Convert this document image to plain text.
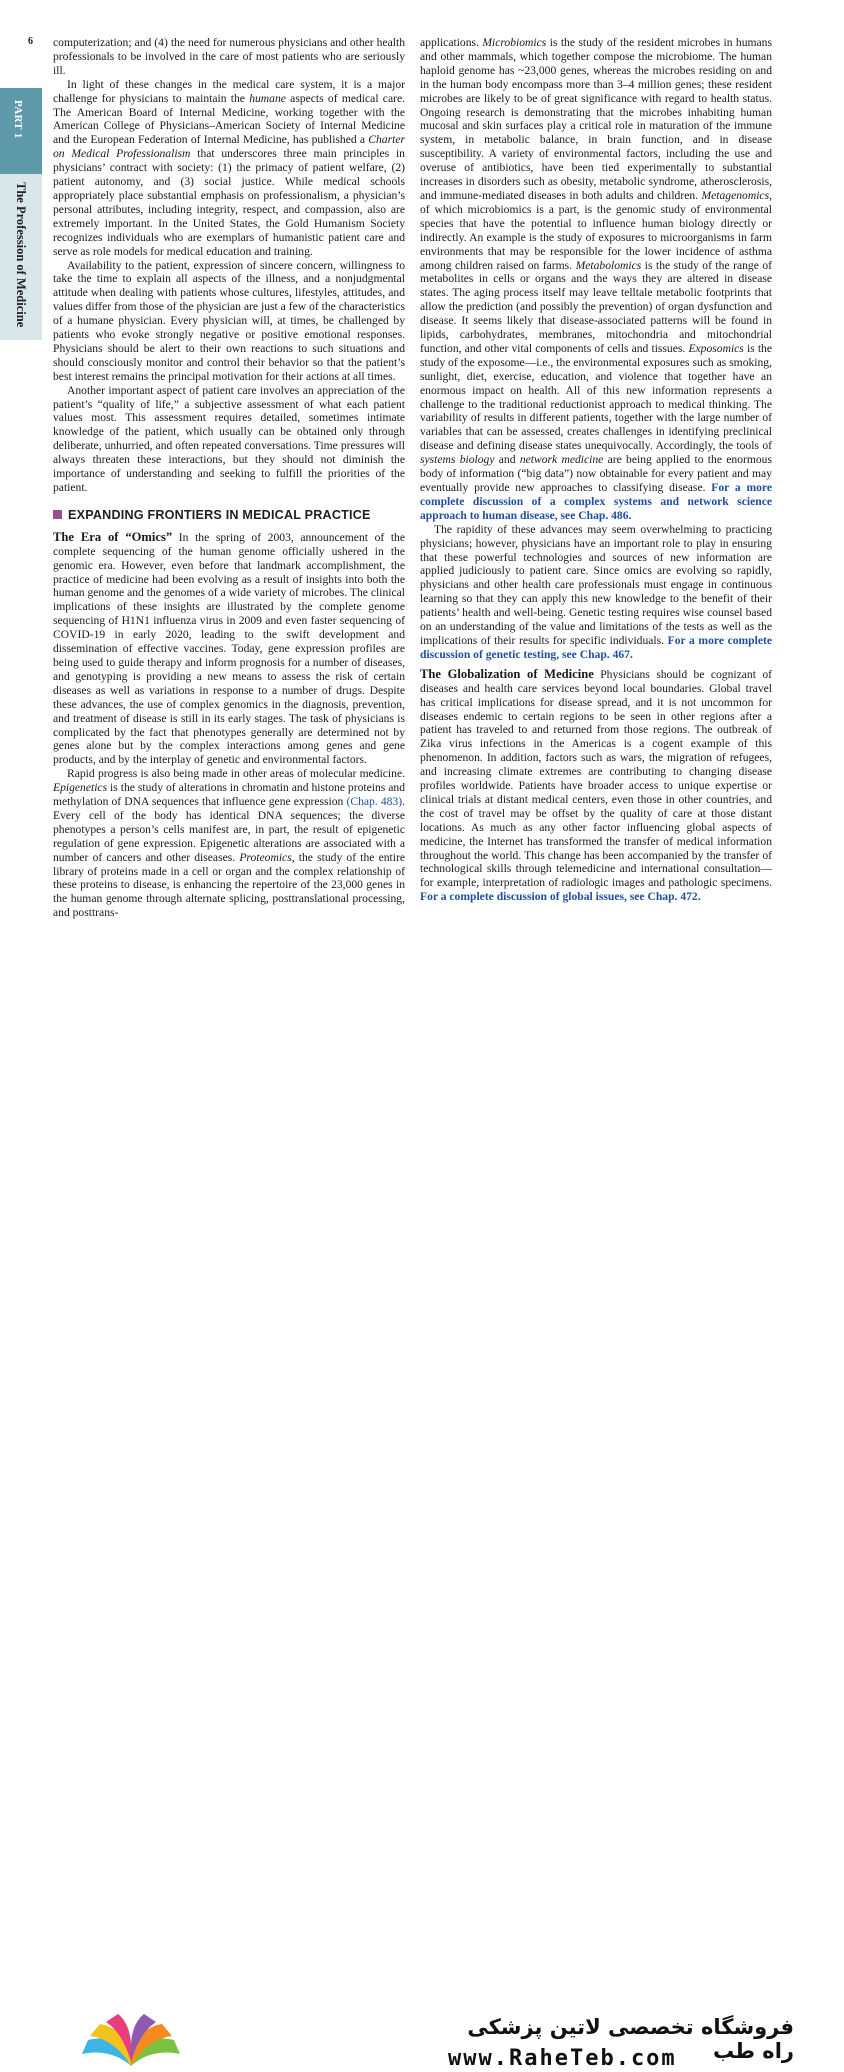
6
PART 1
The Profession of Medicine

computerization; and (4) the need for numerous physicians and other health professionals to be involved in the care of most patients who are seriously ill.

In light of these changes in the medical care system, it is a major challenge for physicians to maintain the humane aspects of medical care. The American Board of Internal Medicine, working together with the American College of Physicians–American Society of Internal Medicine and the European Federation of Internal Medicine, has published a Charter on Medical Professionalism that underscores three main principles in physicians’ contract with society: (1) the primacy of patient welfare, (2) patient autonomy, and (3) social justice. While medical schools appropriately place substantial emphasis on professionalism, a physician’s personal attributes, including integrity, respect, and compassion, also are extremely important. In the United States, the Gold Humanism Society recognizes individuals who are exemplars of humanistic patient care and serve as role models for medical education and training.

Availability to the patient, expression of sincere concern, willingness to take the time to explain all aspects of the illness, and a nonjudgmental attitude when dealing with patients whose cultures, lifestyles, attitudes, and values differ from those of the physician are just a few of the characteristics of a humane physician. Every physician will, at times, be challenged by patients who evoke strongly negative or positive emotional responses. Physicians should be alert to their own reactions to such situations and should consciously monitor and control their behavior so that the patient’s best interest remains the principal motivation for their actions at all times.

Another important aspect of patient care involves an appreciation of the patient’s “quality of life,” a subjective assessment of what each patient values most. This assessment requires detailed, sometimes intimate knowledge of the patient, which usually can be obtained only through deliberate, unhurried, and often repeated conversations. Time pressures will always threaten these interactions, but they should not diminish the importance of understanding and seeking to fulfill the priorities of the patient.

EXPANDING FRONTIERS IN MEDICAL PRACTICE

The Era of “Omics” In the spring of 2003, announcement of the complete sequencing of the human genome officially ushered in the genomic era. However, even before that landmark accomplishment, the practice of medicine had been evolving as a result of insights into both the human genome and the genomes of a wide variety of microbes. The clinical implications of these insights are illustrated by the complete genome sequencing of H1N1 influenza virus in 2009 and even faster sequencing of COVID-19 in early 2020, leading to the swift development and dissemination of effective vaccines. Today, gene expression profiles are being used to guide therapy and inform prognosis for a number of diseases, and genotyping is providing a new means to assess the risk of certain diseases as well as variations in response to a number of drugs. Despite these advances, the use of complex genomics in the diagnosis, prevention, and treatment of disease is still in its early stages. The task of physicians is complicated by the fact that phenotypes generally are determined not by genes alone but by the complex interactions among genes and gene products, and by the interplay of genetic and environmental factors.

Rapid progress is also being made in other areas of molecular medicine. Epigenetics is the study of alterations in chromatin and histone proteins and methylation of DNA sequences that influence gene expression (Chap. 483). Every cell of the body has identical DNA sequences; the diverse phenotypes a person’s cells manifest are, in part, the result of epigenetic regulation of gene expression. Epigenetic alterations are associated with a number of cancers and other diseases. Proteomics, the study of the entire library of proteins made in a cell or organ and the complex relationship of these proteins to disease, is enhancing the repertoire of the 23,000 genes in the human genome through alternate splicing, posttranslational processing, and posttrans-

applications. Microbiomics is the study of the resident microbes in humans and other mammals, which together compose the microbiome. The human haploid genome has ~23,000 genes, whereas the microbes residing on and in the human body encompass more than 3–4 million genes; these resident microbes are likely to be of great significance with regard to health status. Ongoing research is demonstrating that the microbes inhabiting human mucosal and skin surfaces play a critical role in maturation of the immune system, in metabolic balance, in brain function, and in disease susceptibility. A variety of environmental factors, including the use and overuse of antibiotics, have been tied experimentally to substantial increases in disorders such as obesity, metabolic syndrome, atherosclerosis, and immune-mediated diseases in both adults and children. Metagenomics, of which microbiomics is a part, is the genomic study of environmental species that have the potential to influence human biology directly or indirectly. An example is the study of exposures to microorganisms in farm environments that may be responsible for the lower incidence of asthma among children raised on farms. Metabolomics is the study of the range of metabolites in cells or organs and the ways they are altered in disease states. The aging process itself may leave telltale metabolic footprints that allow the prediction (and possibly the prevention) of organ dysfunction and disease. It seems likely that disease-associated patterns will be found in lipids, carbohydrates, membranes, mitochondria and mitochondrial function, and other vital components of cells and tissues. Exposomics is the study of the exposome—i.e., the environmental exposures such as smoking, sunlight, diet, exercise, education, and violence that together have an enormous impact on health. All of this new information represents a challenge to the traditional reductionist approach to medical thinking. The variability of results in different patients, together with the large number of variables that can be assessed, creates challenges in identifying preclinical disease and defining disease states unequivocally. Accordingly, the tools of systems biology and network medicine are being applied to the enormous body of information (“big data”) now obtainable for every patient and may eventually provide new approaches to classifying disease. For a more complete discussion of a complex systems and network science approach to human disease, see Chap. 486.

The rapidity of these advances may seem overwhelming to practicing physicians; however, physicians have an important role to play in ensuring that these powerful technologies and sources of new information are applied judiciously to patient care. Since omics are evolving so rapidly, physicians and other health care professionals must engage in continuous learning so that they can apply this new knowledge to the benefit of their patients’ health and well-being. Genetic testing requires wise counsel based on an understanding of the value and limitations of the tests as well as the implications of their results for specific individuals. For a more complete discussion of genetic testing, see Chap. 467.

The Globalization of Medicine Physicians should be cognizant of diseases and health care services beyond local boundaries. Global travel has critical implications for disease spread, and it is not uncommon for diseases endemic to certain regions to be seen in other regions after a patient has traveled to and returned from those regions. The outbreak of Zika virus infections in the Americas is a cogent example of this phenomenon. In addition, factors such as wars, the migration of refugees, and increasing climate extremes are contributing to changing disease profiles worldwide. Patients have broader access to unique expertise or clinical trials at distant medical centers, even those in other countries, and the cost of travel may be offset by the quality of care at those distant locations. As much as any other factor influencing global aspects of medicine, the Internet has transformed the transfer of medical information throughout the world. This change has been accompanied by the transfer of technological skills through telemedicine and international consultation—for example, interpretation of radiologic images and pathologic specimens. For a complete discussion of global issues, see Chap. 472.

فروشگاه تخصصی لاتین پزشکی راه طب
www.RaheTeb.com
